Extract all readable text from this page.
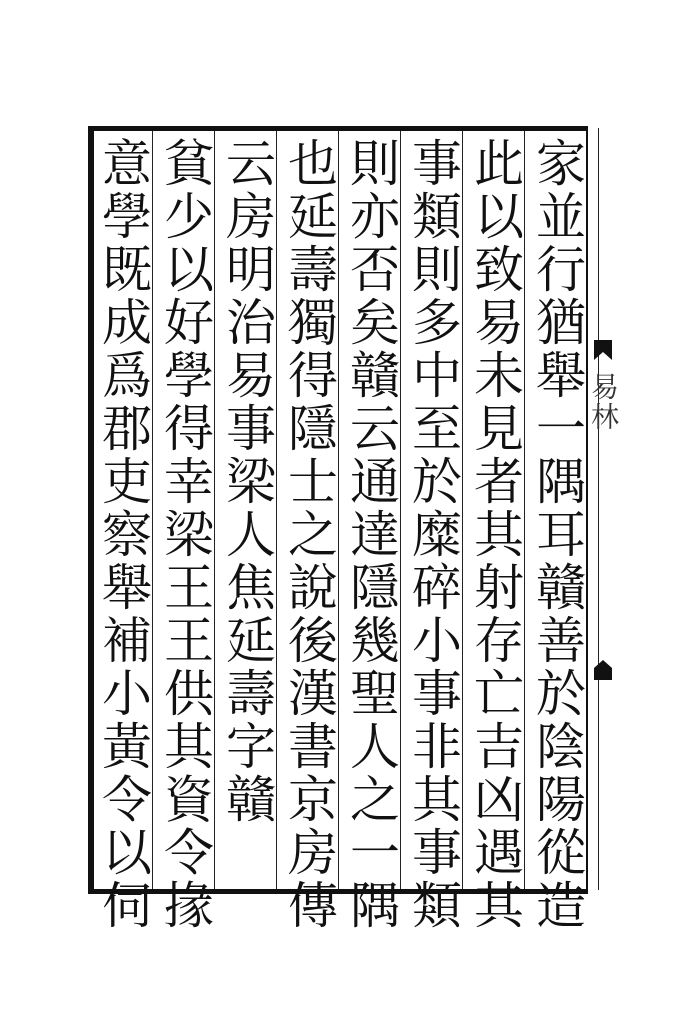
家並行猶舉一隅耳贛善於陰陽從造
此以致易未見者其射存亡吉凶遇其
事類則多中至於糜碎小事非其事類
則亦否矣贛云通達隱幾聖人之一隅
也延壽獨得隱士之說後漢書京房傳
云房明治易事梁人焦延壽字贛
貧少以好學得幸梁王王供其資令掾
意學既成爲郡吏察舉補小黃令以伺	易林
